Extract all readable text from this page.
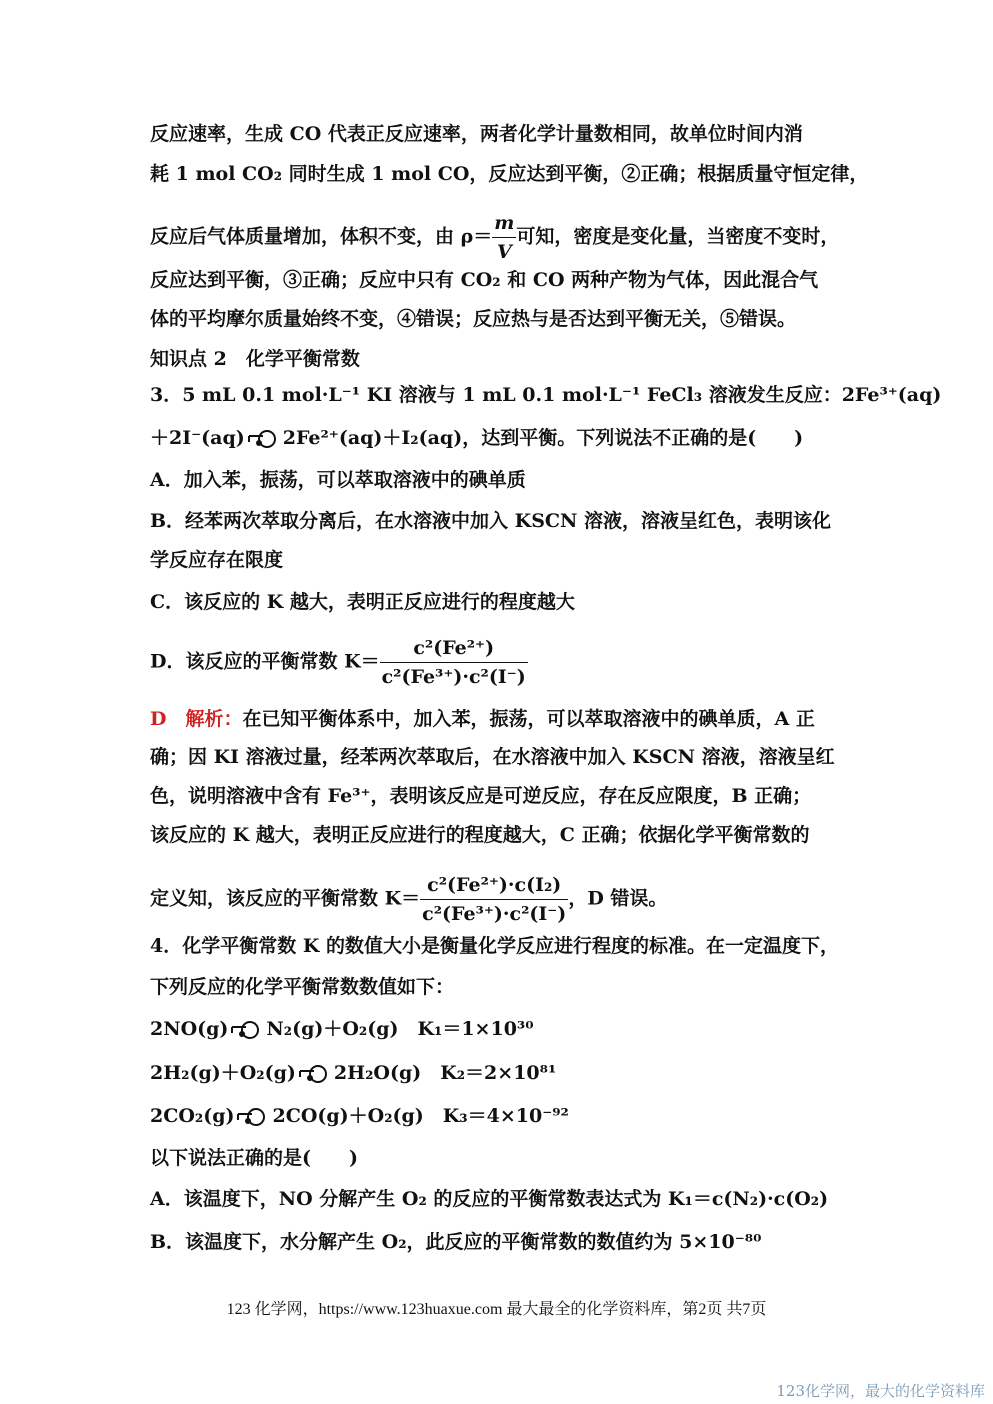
反应速率，生成 CO 代表正反应速率，两者化学计量数相同，故单位时间内消
耗 1 mol CO₂ 同时生成 1 mol CO，反应达到平衡，②正确；根据质量守恒定律，
反应后气体质量增加，体积不变，由 $\rho= \frac{m}{V}$ 可知，密度是变化量，当密度不变时，
反应达到平衡，③正确；反应中只有 CO₂ 和 CO 两种产物为气体，因此混合气
体的平均摩尔质量始终不变，④错误；反应热与是否达到平衡无关，⑤错误。
知识点 2　化学平衡常数
3．5 mL 0.1 mol·L⁻¹ KI 溶液与 1 mL 0.1 mol·L⁻¹ FeCl₃ 溶液发生反应：2Fe³⁺(aq)
＋2I⁻(aq) 2Fe²⁺(aq)＋I₂(aq)，达到平衡。下列说法不正确的是(　　)
A．加入苯，振荡，可以萃取溶液中的碘单质
B．经苯两次萃取分离后，在水溶液中加入 KSCN 溶液，溶液呈红色，表明该化
学反应存在限度
C．该反应的 K 越大，表明正反应进行的程度越大
D．该反应的平衡常数 $K= \frac{\text{c²(Fe²⁺)}}{\text{c²(Fe³⁺)·c²(I⁻)}}$
D　 解析：在已知平衡体系中，加入苯，振荡，可以萃取溶液中的碘单质，A 正
确；因 KI 溶液过量，经苯两次萃取后，在水溶液中加入 KSCN 溶液，溶液呈红
色，说明溶液中含有 Fe³⁺，表明该反应是可逆反应，存在反应限度，B 正确；
该反应的 K 越大，表明正反应进行的程度越大，C 正确；依据化学平衡常数的
定义知，该反应的平衡常数 $K= \frac{\text{c²(Fe²⁺)·c(I₂)}}{\text{c²(Fe³⁺)·c²(I⁻)}}$ ，D 错误。
4．化学平衡常数 K 的数值大小是衡量化学反应进行程度的标准。在一定温度下，
下列反应的化学平衡常数数值如下：
2NO(g) N₂(g)＋O₂(g)　K₁＝1×10³⁰
2H₂(g)＋O₂(g) 2H₂O(g)　K₂＝2×10⁸¹
2CO₂(g) 2CO(g)＋O₂(g)　K₃＝4×10⁻⁹²
以下说法正确的是(　　)
A．该温度下，NO 分解产生 O₂ 的反应的平衡常数表达式为 K₁＝c(N₂)·c(O₂)
B．该温度下，水分解产生 O₂，此反应的平衡常数的数值约为 5×10⁻⁸⁰
123 化学网，https://www.123huaxue.com 最大最全的化学资料库，第2页 共7页
123化学网，最大的化学资料库
